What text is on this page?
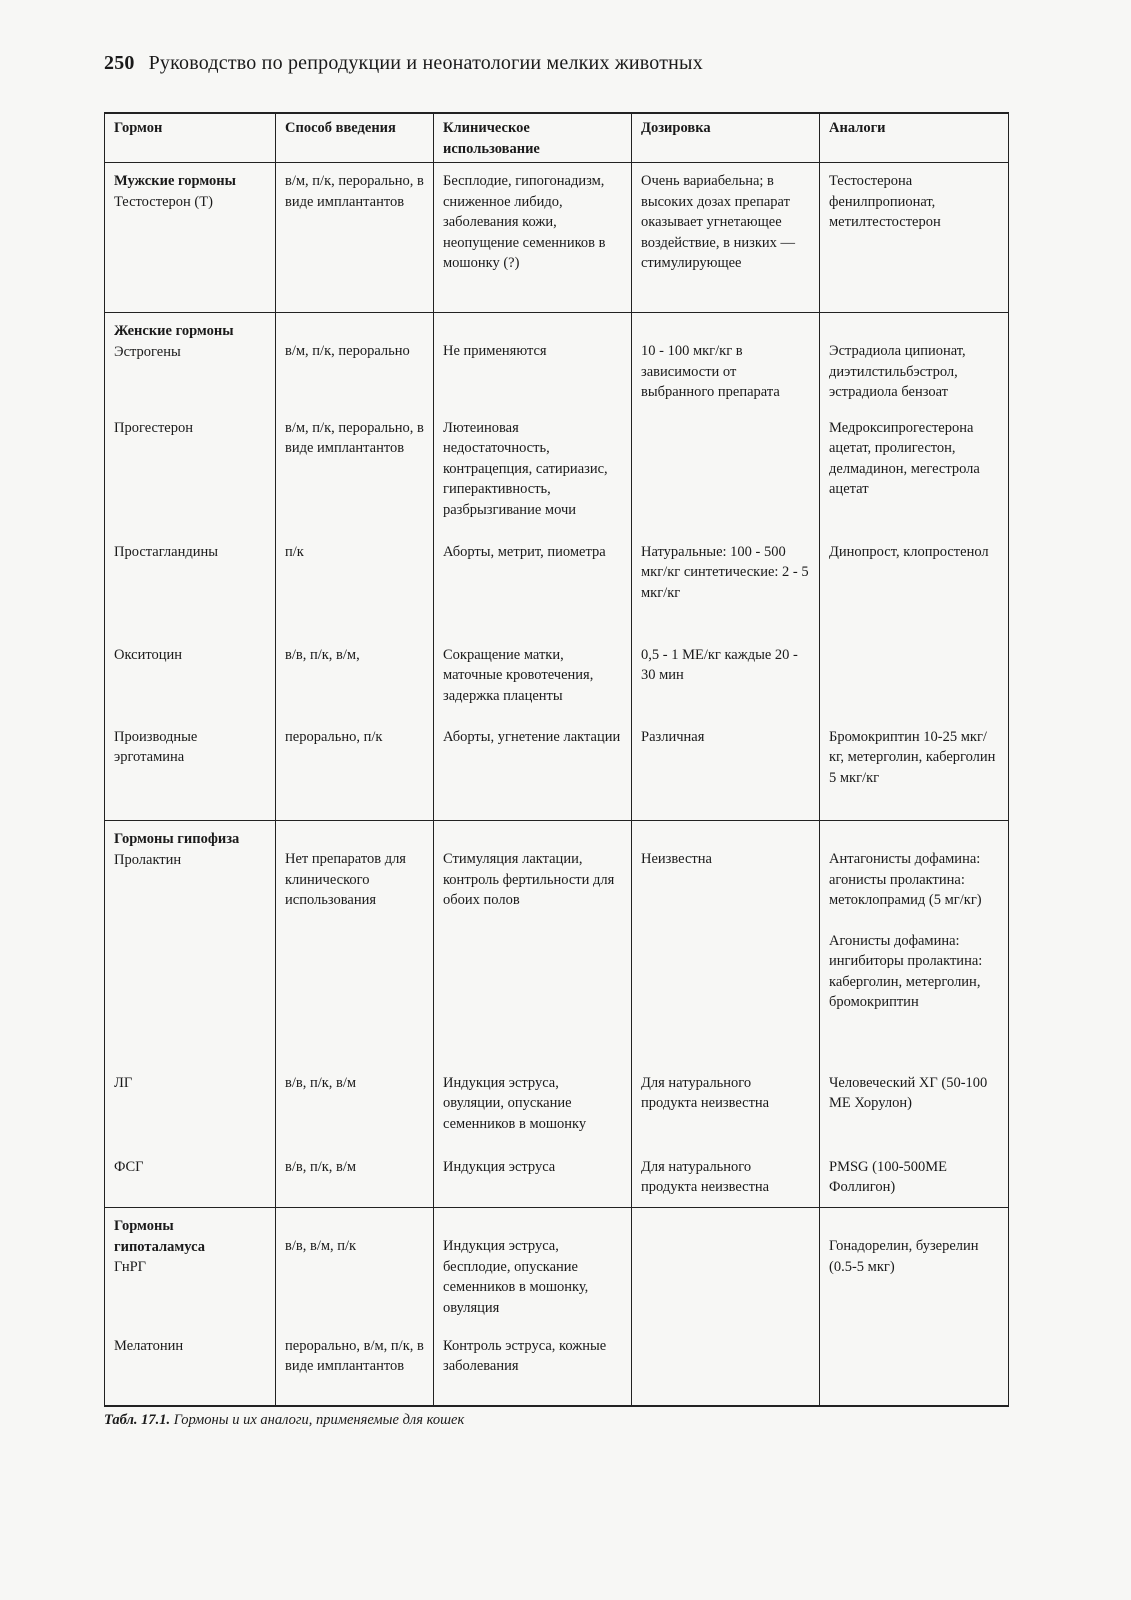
250 Руководство по репродукции и неонатологии мелких животных
Гормон	Способ введения	Клиническое использование	Дозировка	Аналоги

Мужские гормоны
Тестостерон (Т)	в/м, п/к, перорально, в виде имплантантов	Бесплодие, гипогонадизм, сниженное либидо, заболевания кожи, неопущение семенников в мошонку (?)	Очень вариабельна; в высоких дозах препарат оказывает угнетающее воздействие, в низких — стимулирующее	Тестостерона фенилпропионат, метилтестостерон

Женские гормоны
Эстрогены	в/м, п/к, перорально	Не применяются	10 - 100 мкг/кг в зависимости от выбранного препарата	Эстрадиола ципионат, диэтилстильбэстрол, эстрадиола бензоат
Прогестерон	в/м, п/к, перорально, в виде имплантантов	Лютеиновая недостаточность, контрацепция, сатириазис, гиперактивность, разбрызгивание мочи		Медроксипрогестерона ацетат, пролигестон, делмадинон, мегестрола ацетат
Простагландины	п/к	Аборты, метрит, пиометра	Натуральные: 100 - 500 мкг/кг синтетические: 2 - 5 мкг/кг	Динопрост, клопростенол
Окситоцин	в/в, п/к, в/м,	Сокращение матки, маточные кровотечения, задержка плаценты	0,5 - 1 МЕ/кг каждые 20 - 30 мин	
Производные эрготамина	перорально, п/к	Аборты, угнетение лактации	Различная	Бромокриптин 10-25 мкг/кг, метерголин, каберголин 5 мкг/кг

Гормоны гипофиза
Пролактин	Нет препаратов для клинического использования	Стимуляция лактации, контроль фертильности для обоих полов	Неизвестна	Антагонисты дофамина: агонисты пролактина: метоклопрамид (5 мг/кг)
Агонисты дофамина: ингибиторы пролактина: каберголин, метерголин, бромокриптин
ЛГ	в/в, п/к, в/м	Индукция эструса, овуляции, опускание семенников в мошонку	Для натурального продукта неизвестна	Человеческий ХГ (50-100 МЕ Хорулон)
ФСГ	в/в, п/к, в/м	Индукция эструса	Для натурального продукта неизвестна	PMSG (100-500МЕ Фоллигон)

Гормоны гипоталамуса
ГнРГ	в/в, в/м, п/к	Индукция эструса, бесплодие, опускание семенников в мошонку, овуляция		Гонадорелин, бузерелин (0.5-5 мкг)
Мелатонин	перорально, в/м, п/к, в виде имплантантов	Контроль эструса, кожные заболевания		
Табл. 17.1. Гормоны и их аналоги, применяемые для кошек
